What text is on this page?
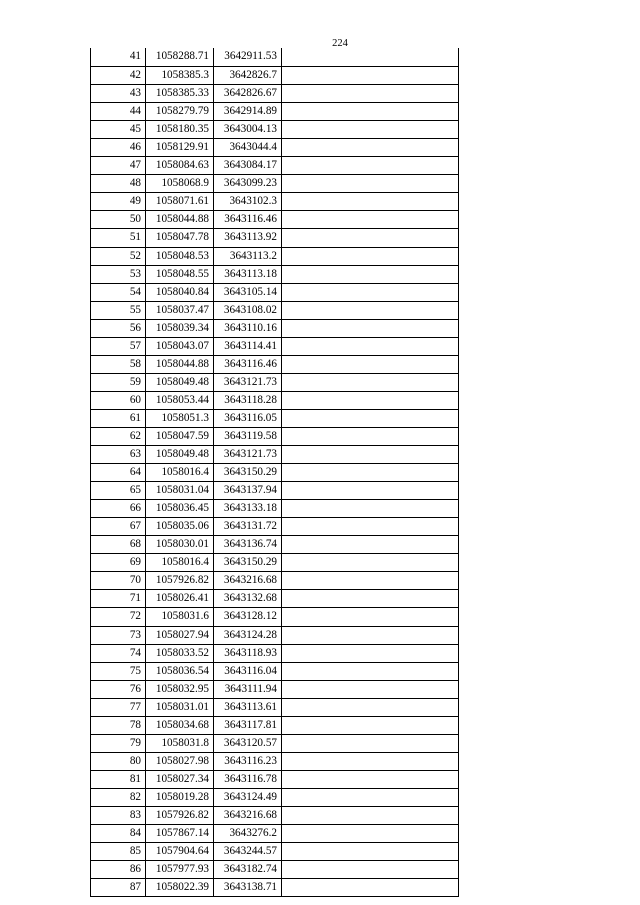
224
41	1058288.71	3642911.53
42	1058385.3	3642826.7
43	1058385.33	3642826.67
44	1058279.79	3642914.89
45	1058180.35	3643004.13
46	1058129.91	3643044.4
47	1058084.63	3643084.17
48	1058068.9	3643099.23
49	1058071.61	3643102.3
50	1058044.88	3643116.46
51	1058047.78	3643113.92
52	1058048.53	3643113.2
53	1058048.55	3643113.18
54	1058040.84	3643105.14
55	1058037.47	3643108.02
56	1058039.34	3643110.16
57	1058043.07	3643114.41
58	1058044.88	3643116.46
59	1058049.48	3643121.73
60	1058053.44	3643118.28
61	1058051.3	3643116.05
62	1058047.59	3643119.58
63	1058049.48	3643121.73
64	1058016.4	3643150.29
65	1058031.04	3643137.94
66	1058036.45	3643133.18
67	1058035.06	3643131.72
68	1058030.01	3643136.74
69	1058016.4	3643150.29
70	1057926.82	3643216.68
71	1058026.41	3643132.68
72	1058031.6	3643128.12
73	1058027.94	3643124.28
74	1058033.52	3643118.93
75	1058036.54	3643116.04
76	1058032.95	3643111.94
77	1058031.01	3643113.61
78	1058034.68	3643117.81
79	1058031.8	3643120.57
80	1058027.98	3643116.23
81	1058027.34	3643116.78
82	1058019.28	3643124.49
83	1057926.82	3643216.68
84	1057867.14	3643276.2
85	1057904.64	3643244.57
86	1057977.93	3643182.74
87	1058022.39	3643138.71
